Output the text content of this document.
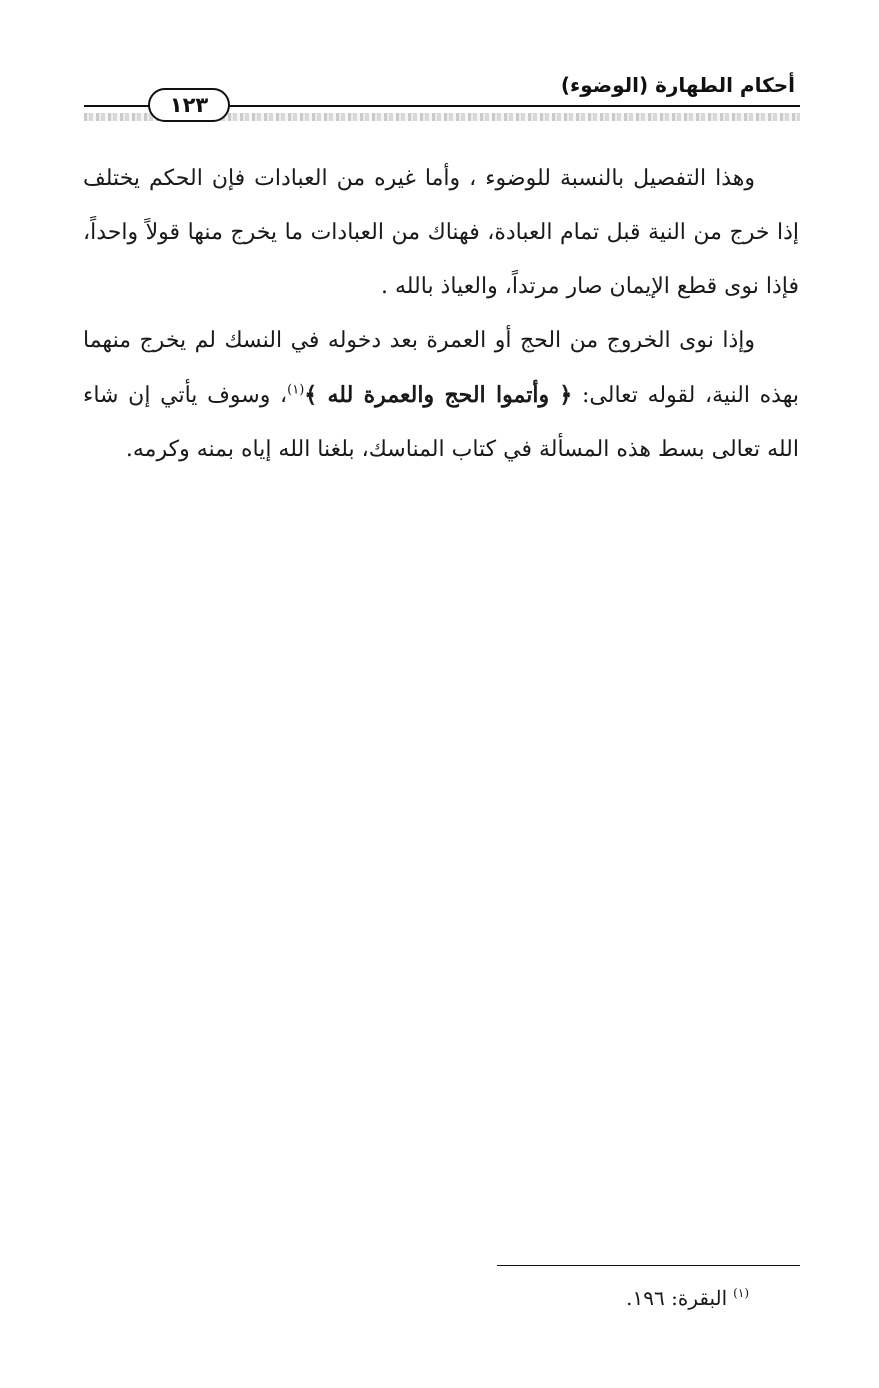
أحكام الطهارة (الوضوء)
١٢٣

وهذا التفصيل بالنسبة للوضوء ، وأما غيره من العبادات فإن الحكم يختلف إذا خرج من النية قبل تمام العبادة، فهناك من العبادات ما يخرج منها قولاً واحداً، فإذا نوى قطع الإيمان صار مرتداً، والعياذ بالله .

وإذا نوى الخروج من الحج أو العمرة بعد دخوله في النسك لم يخرج منهما بهذه النية، لقوله تعالى: ﴿ وأتموا الحج والعمرة لله ﴾$^{(١)}$، وسوف يأتي إن شاء الله تعالى بسط هذه المسألة في كتاب المناسك، بلغنا الله إياه بمنه وكرمه.

$^{(١)}$البقرة: ١٩٦.
